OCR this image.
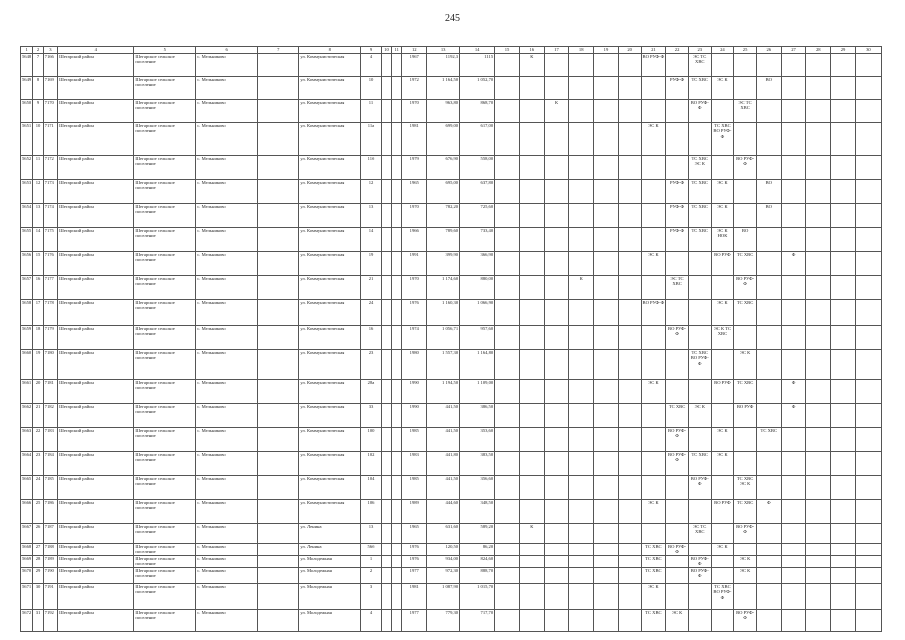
245
1	2	3	4	5	6	7	8	9	10	11	12	13	14	15	16	17	18	19	20	21	22	23	24	25	26	27	28	29	30
5648	7	7166	Шегарский район	Шегарское сельское поселение	с. Мельниково		ул. Коммунистическая	4			1967	1192,3	1115		К					ВО РУФ-Ф		ЭС ТС ХВС							
5649	8	7169	Шегарский район	Шегарское сельское поселение	с. Мельниково		ул. Коммунистическая	10			1972	1 164,50	1 052,70								РУФ-Ф	ТС ХВС	ЭС К		ВО				
5650	9	7170	Шегарский район	Шегарское сельское поселение	с. Мельниково		ул. Коммунистическая	11			1970	963,80	868,70			К						ВО РУФ-Ф		ЭС ТС ХВС					
5651	10	7171	Шегарский район	Шегарское сельское поселение	с. Мельниково		ул. Коммунистическая	11а			1981	699,00	617,00							ЭС К			ТС ХВС ВО РУФ-Ф						
5652	11	7172	Шегарский район	Шегарское сельское поселение	с. Мельниково		ул. Коммунистическая	11б			1979	676,90	558,00									ТС ХВС ЭС К		ВО РУФ-Ф					
5653	12	7173	Шегарский район	Шегарское сельское поселение	с. Мельниково		ул. Коммунистическая	12			1965	695,00	637,80								РУФ-Ф	ТС ХВС	ЭС К		ВО				
5654	13	7174	Шегарский район	Шегарское сельское поселение	с. Мельниково		ул. Коммунистическая	13			1970	782,20	725,60								РУФ-Ф	ТС ХВС	ЭС К		ВО				
5655	14	7175	Шегарский район	Шегарское сельское поселение	с. Мельниково		ул. Коммунистическая	14			1966	789,60	733,40								РУФ-Ф	ТС ХВС	ЭС К НОК	ВО					
5656	15	7176	Шегарский район	Шегарское сельское поселение	с. Мельниково		ул. Коммунистическая	19			1991	399,90	366,90							ЭС К			ВО РУФ	ТС ХВС		Ф			
5657	16	7177	Шегарский район	Шегарское сельское поселение	с. Мельниково		ул. Коммунистическая	21			1970	1 174,60	880,00				К				ЭС ТС ХВС			ВО РУФ-Ф					
5658	17	7178	Шегарский район	Шегарское сельское поселение	с. Мельниково		ул. Коммунистическая	24			1976	1 160,30	1 066,90							ВО РУФ-Ф			ЭС К	ТС ХВС					
5659	18	7179	Шегарский район	Шегарское сельское поселение	с. Мельниково		ул. Коммунистическая	16			1974	1 056,71	957,60								ВО РУФ-Ф		ЭС К ТС ХВС						
5660	19	7180	Шегарский район	Шегарское сельское поселение	с. Мельниково		ул. Коммунистическая	23			1980	1 557,30	1 164,80									ТС ХВС ВО РУФ-Ф		ЭС К					
5661	20	7181	Шегарский район	Шегарское сельское поселение	с. Мельниково		ул. Коммунистическая	28а			1990	1 194,50	1 109,00							ЭС К			ВО РУФ	ТС ХВС		Ф			
5662	21	7182	Шегарский район	Шегарское сельское поселение	с. Мельниково		ул. Коммунистическая	33			1990	441,50	386,50								ТС ХВС	ЭС К		ВО РУФ		Ф			
5663	22	7183	Шегарский район	Шегарское сельское поселение	с. Мельниково		ул. Коммунистическая	100			1985	441,50	353,60								ВО РУФ-Ф		ЭС К		ТС ХВС				
5664	23	7184	Шегарский район	Шегарское сельское поселение	с. Мельниково		ул. Коммунистическая	102			1983	441,80	383,50								ВО РУФ-Ф	ТС ХВС	ЭС К						
5665	24	7185	Шегарский район	Шегарское сельское поселение	с. Мельниково		ул. Коммунистическая	104			1985	441,50	356,60									ВО РУФ-Ф		ТС ХВС ЭС К					
5666	25	7186	Шегарский район	Шегарское сельское поселение	с. Мельниково		ул. Коммунистическая	106			1989	444,60	348,50							ЭС К			ВО РУФ	ТС ХВС	Ф				
5667	26	7187	Шегарский район	Шегарское сельское поселение	с. Мельниково		ул. Ленина	13			1965	631,60	589,20		К							ЭС ТС ХВС		ВО РУФ-Ф					
5668	27	7188	Шегарский район	Шегарское сельское поселение	с. Мельниково		ул. Ленина	56б			1976	120,50	86,20							ТС ХВС	ВО РУФ-Ф		ЭС К						
5669	28	7189	Шегарский район	Шегарское сельское поселение	с. Мельниково		ул. Молодежная	1			1976	934,00	824,60							ТС ХВС		ВО РУФ-Ф		ЭС К					
5670	29	7190	Шегарский район	Шегарское сельское поселение	с. Мельниково		ул. Молодежная	2			1977	972,30	888,70							ТС ХВС		ВО РУФ-Ф		ЭС К					
5671	30	7191	Шегарский район	Шегарское сельское поселение	с. Мельниково		ул. Молодежная	3			1981	1 087,90	1 015,70							ЭС К			ТС ХВС ВО РУФ-Ф						
5672	31	7192	Шегарский район	Шегарское сельское поселение	с. Мельниково		ул. Молодежная	4			1977	779,30	717,70							ТС ХВС	ЭС К			ВО РУФ-Ф					
